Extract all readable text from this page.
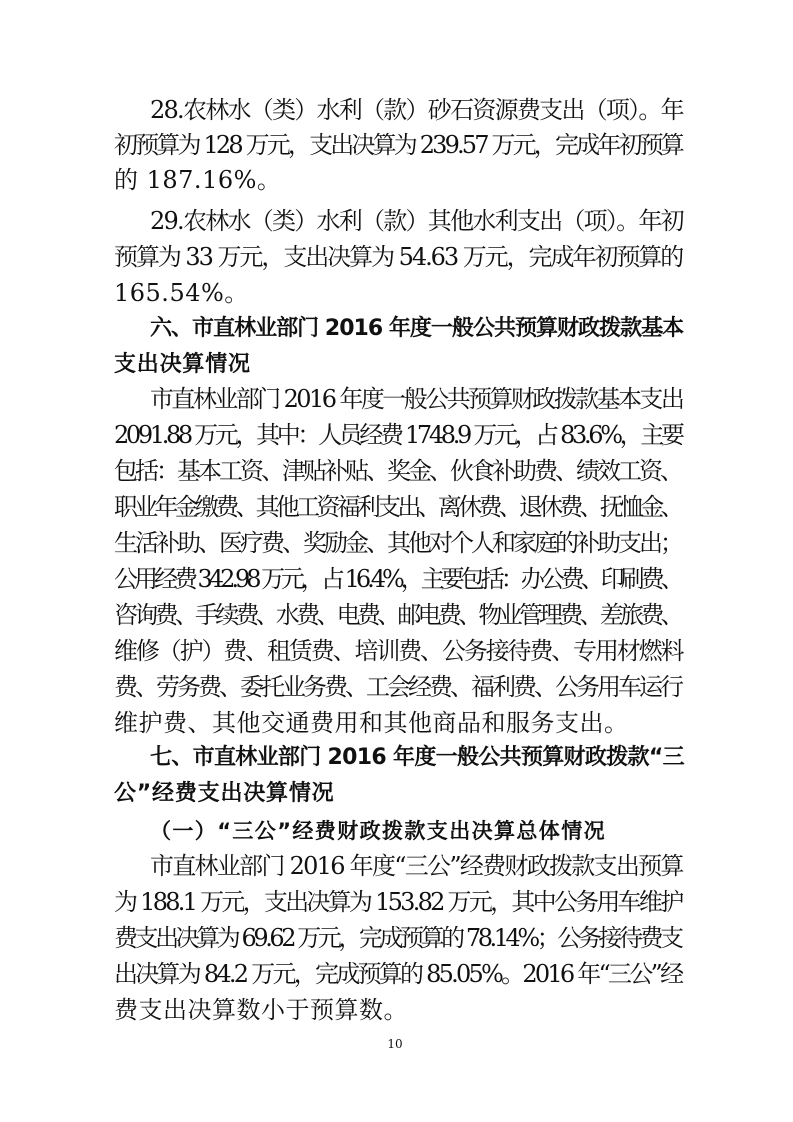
28.农林水（类）水利（款）砂石资源费支出（项）。年
初预算为 128 万元，支出决算为 239.57 万元，完成年初预算
的 187.16%。
29.农林水（类）水利（款）其他水利支出（项）。年初
预算为 33 万元，支出决算为 54.63 万元，完成年初预算的
165.54%。
六、市直林业部门 2016 年度一般公共预算财政拨款基本
支出决算情况
市直林业部门 2016 年度一般公共预算财政拨款基本支出
2091.88 万元，其中：人员经费 1748.9 万元，占 83.6%，主要
包括：基本工资、津贴补贴、奖金、伙食补助费、绩效工资、
职业年金缴费、其他工资福利支出、离休费、退休费、抚恤金、
生活补助、医疗费、奖励金、其他对个人和家庭的补助支出；
公用经费 342.98 万元，占 16.4%，主要包括：办公费、印刷费、
咨询费、手续费、水费、电费、邮电费、物业管理费、差旅费、
维修（护）费、租赁费、培训费、公务接待费、专用材燃料
费、劳务费、委托业务费、工会经费、福利费、公务用车运行
维护费、其他交通费用和其他商品和服务支出。
七、市直林业部门 2016 年度一般公共预算财政拨款“三
公”经费支出决算情况
（一）“三公”经费财政拨款支出决算总体情况
市直林业部门 2016 年度“三公”经费财政拨款支出预算
为 188.1 万元，支出决算为 153.82 万元，其中公务用车维护
费支出决算为 69.62 万元，完成预算的 78.14%；公务接待费支
出决算为 84.2 万元，完成预算的 85.05%。2016 年“三公”经
费支出决算数小于预算数。
10
